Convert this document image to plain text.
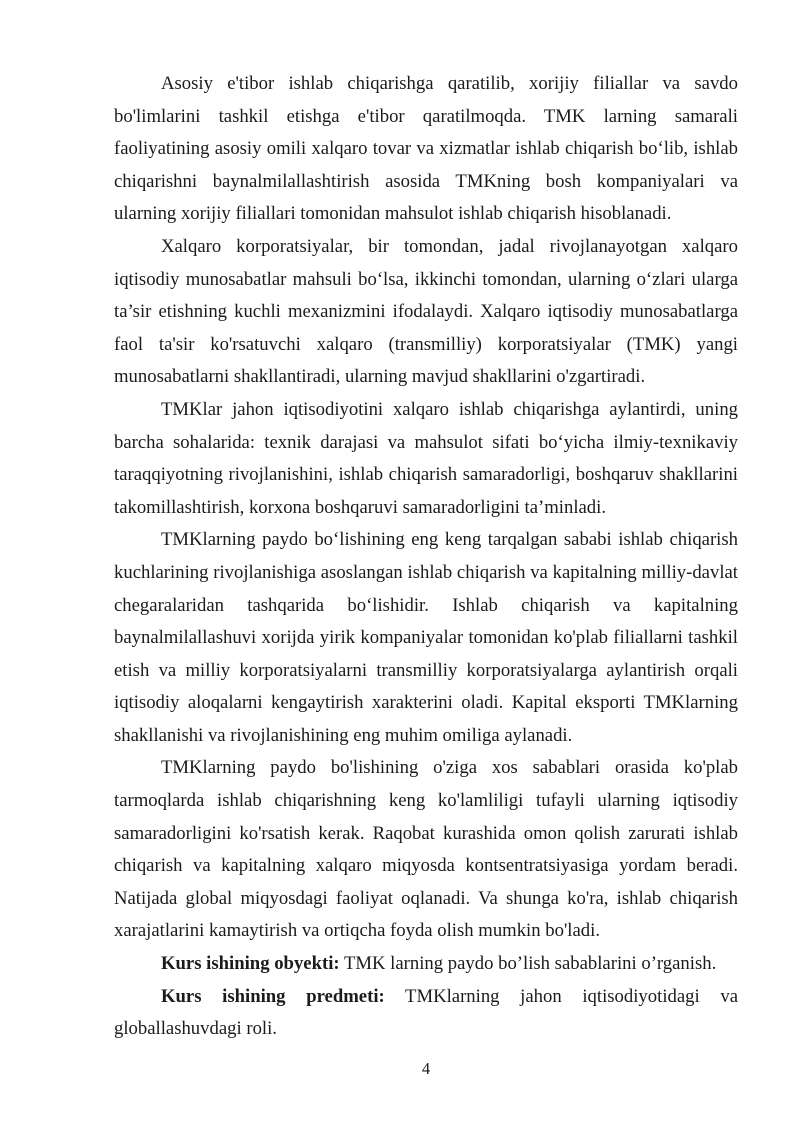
Asosiy e'tibor ishlab chiqarishga qaratilib, xorijiy filiallar va savdo bo'limlarini tashkil etishga e'tibor qaratilmoqda. TMK larning samarali faoliyatining asosiy omili xalqaro tovar va xizmatlar ishlab chiqarish boʻlib, ishlab chiqarishni baynalmilallashtirish asosida TMKning bosh kompaniyalari va ularning xorijiy filiallari tomonidan mahsulot ishlab chiqarish hisoblanadi.

Xalqaro korporatsiyalar, bir tomondan, jadal rivojlanayotgan xalqaro iqtisodiy munosabatlar mahsuli boʻlsa, ikkinchi tomondan, ularning oʻzlari ularga ta’sir etishning kuchli mexanizmini ifodalaydi. Xalqaro iqtisodiy munosabatlarga faol ta'sir ko'rsatuvchi xalqaro (transmilliy) korporatsiyalar (TMK) yangi munosabatlarni shakllantiradi, ularning mavjud shakllarini o'zgartiradi.

TMKlar jahon iqtisodiyotini xalqaro ishlab chiqarishga aylantirdi, uning barcha sohalarida: texnik darajasi va mahsulot sifati boʻyicha ilmiy-texnikaviy taraqqiyotning rivojlanishini, ishlab chiqarish samaradorligi, boshqaruv shakllarini takomillashtirish, korxona boshqaruvi samaradorligini ta’minladi.

TMKlarning paydo boʻlishining eng keng tarqalgan sababi ishlab chiqarish kuchlarining rivojlanishiga asoslangan ishlab chiqarish va kapitalning milliy-davlat chegaralaridan tashqarida boʻlishidir. Ishlab chiqarish va kapitalning baynalmilallashuvi xorijda yirik kompaniyalar tomonidan ko'plab filiallarni tashkil etish va milliy korporatsiyalarni transmilliy korporatsiyalarga aylantirish orqali iqtisodiy aloqalarni kengaytirish xarakterini oladi. Kapital eksporti TMKlarning shakllanishi va rivojlanishining eng muhim omiliga aylanadi.

TMKlarning paydo bo'lishining o'ziga xos sabablari orasida ko'plab tarmoqlarda ishlab chiqarishning keng ko'lamliligi tufayli ularning iqtisodiy samaradorligini ko'rsatish kerak. Raqobat kurashida omon qolish zarurati ishlab chiqarish va kapitalning xalqaro miqyosda kontsentratsiyasiga yordam beradi. Natijada global miqyosdagi faoliyat oqlanadi. Va shunga ko'ra, ishlab chiqarish xarajatlarini kamaytirish va ortiqcha foyda olish mumkin bo'ladi.

Kurs ishining obyekti: TMK larning paydo bo’lish sabablarini o’rganish.

Kurs ishining predmeti: TMKlarning jahon iqtisodiyotidagi va globallashuvdagi roli.

4
